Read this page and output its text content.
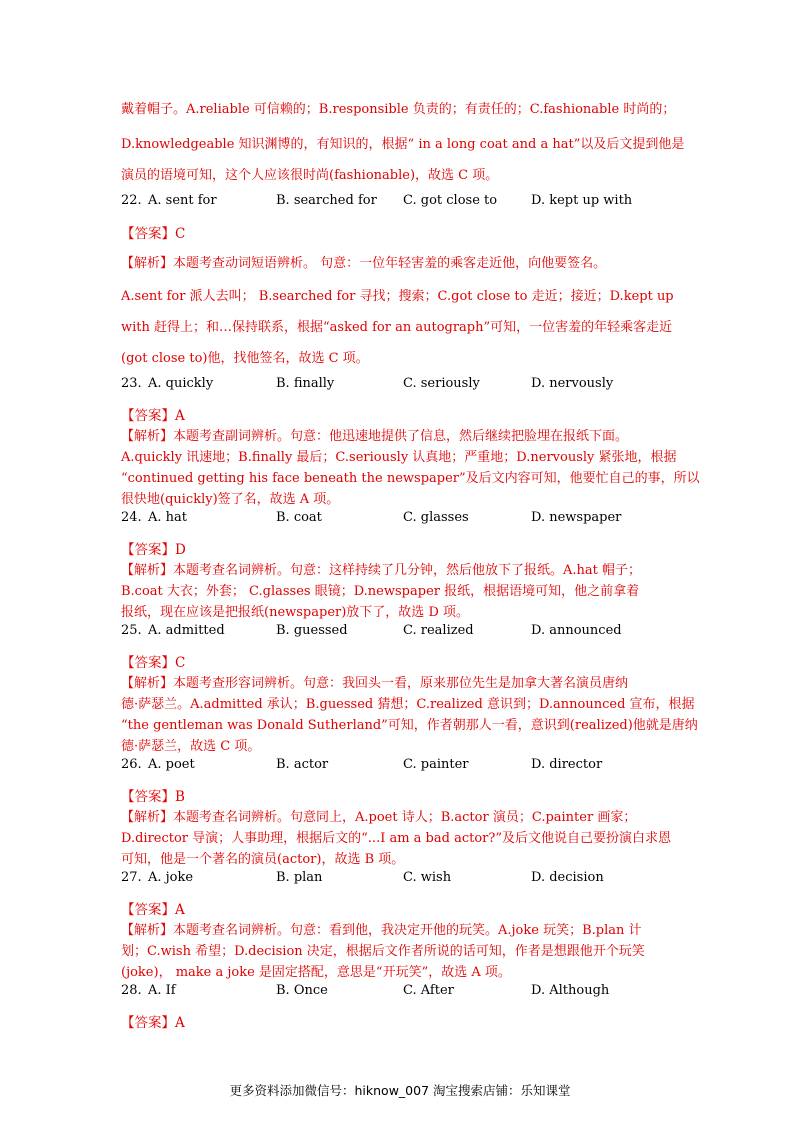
戴着帽子。A.reliable 可信赖的；B.responsible 负责的；有责任的；C.fashionable 时尚的；
D.knowledgeable 知识渊博的，有知识的，根据“ in a long coat and a hat”以及后文提到他是
演员的语境可知，这个人应该很时尚(fashionable)，故选 C 项。
22. A. sent for	B. searched for C. got close to	D. kept up with
【答案】C
【解析】本题考查动词短语辨析。 句意：一位年轻害羞的乘客走近他，向他要签名。
A.sent for 派人去叫； B.searched for 寻找；搜索；C.got close to 走近；接近；D.kept up
with 赶得上；和…保持联系，根据“asked for an autograph”可知，一位害羞的年轻乘客走近
(got close to)他，找他签名，故选 C 项。
23. A. quickly	B. finally	C. seriously	D. nervously
【答案】A
【解析】本题考查副词辨析。句意：他迅速地提供了信息，然后继续把脸埋在报纸下面。
A.quickly 讯速地；B.finally 最后；C.seriously 认真地；严重地；D.nervously 紧张地，根据
“continued getting his face beneath the newspaper”及后文内容可知，他要忙自己的事，所以
很快地(quickly)签了名，故选 A 项。
24. A. hat	B. coat	C. glasses	D. newspaper
【答案】D
【解析】本题考查名词辨析。句意：这样持续了几分钟，然后他放下了报纸。A.hat 帽子；
B.coat 大衣；外套； C.glasses 眼镜；D.newspaper 报纸，根据语境可知，他之前拿着
报纸，现在应该是把报纸(newspaper)放下了，故选 D 项。
25. A. admitted	B. guessed	C. realized	D. announced
【答案】C
【解析】本题考查形容词辨析。句意：我回头一看，原来那位先生是加拿大著名演员唐纳
德·萨瑟兰。A.admitted 承认；B.guessed 猜想；C.realized 意识到；D.announced 宣布，根据
“the gentleman was Donald Sutherland”可知，作者朝那人一看，意识到(realized)他就是唐纳
德·萨瑟兰，故选 C 项。
26. A. poet	B. actor	C. painter	D. director
【答案】B
【解析】本题考查名词辨析。句意同上，A.poet 诗人；B.actor 演员；C.painter 画家；
D.director 导演；人事助理，根据后文的“...I am a bad actor?”及后文他说自己要扮演白求恩
可知，他是一个著名的演员(actor)，故选 B 项。
27. A. joke	B. plan	C. wish	D. decision
【答案】A
【解析】本题考查名词辨析。句意：看到他，我决定开他的玩笑。A.joke 玩笑；B.plan 计
划；C.wish 希望；D.decision 决定，根据后文作者所说的话可知，作者是想跟他开个玩笑
(joke)， make a joke 是固定搭配，意思是“开玩笑”，故选 A 项。
28. A. If	B. Once	C. After	D. Although
【答案】A
更多资料添加微信号：hiknow_007 淘宝搜索店铺：乐知课堂
